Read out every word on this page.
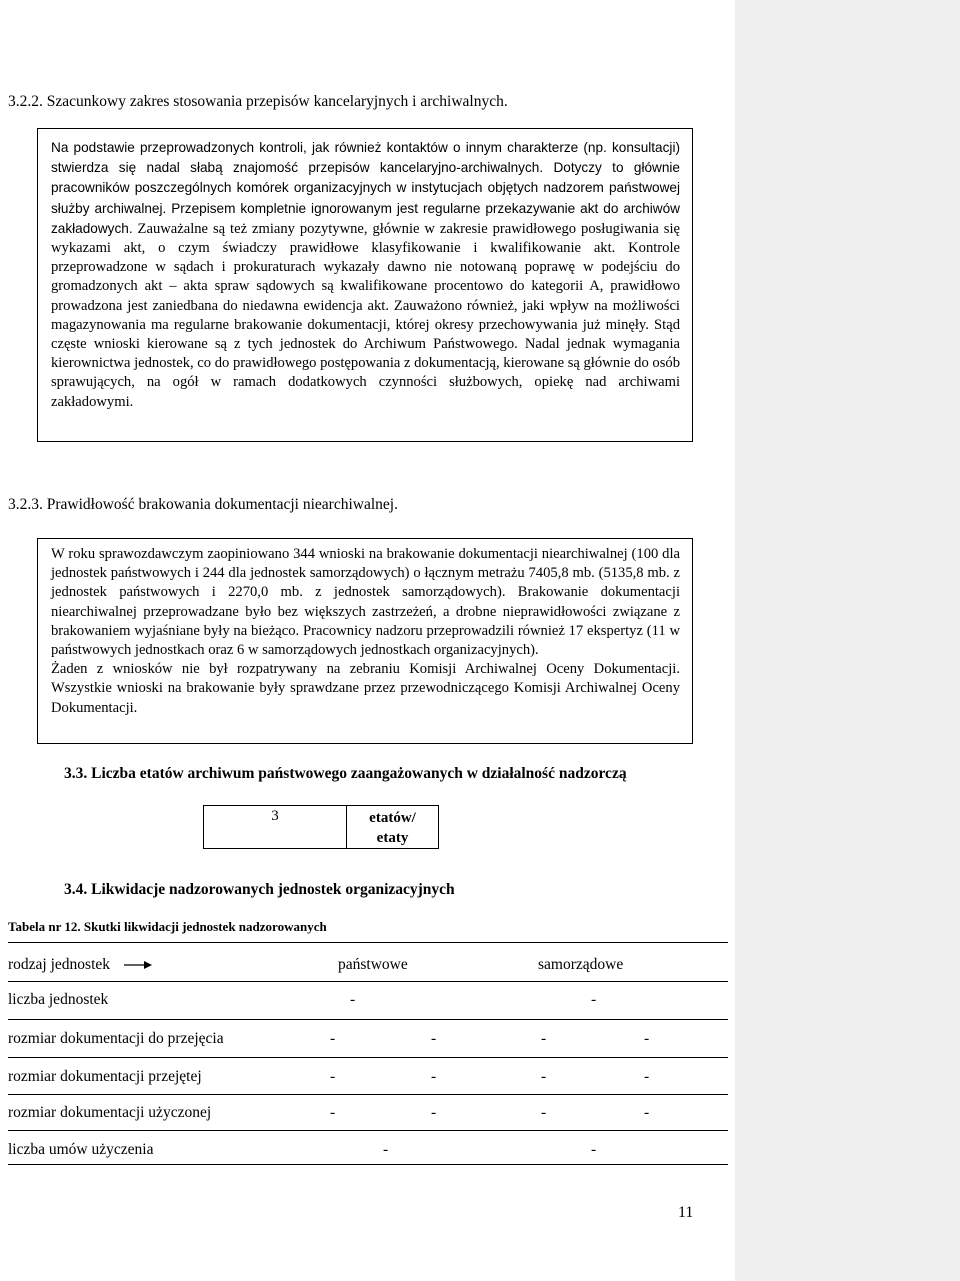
3.2.2. Szacunkowy zakres stosowania przepisów kancelaryjnych i archiwalnych.

Na podstawie przeprowadzonych kontroli, jak również kontaktów o innym charakterze (np. konsultacji) stwierdza się nadal słabą znajomość przepisów kancelaryjno-archiwalnych. Dotyczy to głównie pracowników poszczególnych komórek organizacyjnych w instytucjach objętych nadzorem państwowej służby archiwalnej. Przepisem kompletnie ignorowanym jest regularne przekazywanie akt do archiwów zakładowych. Zauważalne są też zmiany pozytywne, głównie w zakresie prawidłowego posługiwania się wykazami akt, o czym świadczy prawidłowe klasyfikowanie i kwalifikowanie akt. Kontrole przeprowadzone w sądach i prokuraturach wykazały dawno nie notowaną poprawę w podejściu do gromadzonych akt – akta spraw sądowych są kwalifikowane procentowo do kategorii A, prawidłowo prowadzona jest zaniedbana do niedawna ewidencja akt. Zauważono również, jaki wpływ na możliwości magazynowania ma regularne brakowanie dokumentacji, której okresy przechowywania już minęły. Stąd częste wnioski kierowane są z tych jednostek do Archiwum Państwowego. Nadal jednak wymagania kierownictwa jednostek, co do prawidłowego postępowania z dokumentacją, kierowane są głównie do osób sprawujących, na ogół w ramach dodatkowych czynności służbowych, opiekę nad archiwami zakładowymi.

3.2.3. Prawidłowość brakowania dokumentacji niearchiwalnej.

W roku sprawozdawczym zaopiniowano 344 wnioski na brakowanie dokumentacji niearchiwalnej (100 dla jednostek państwowych i 244 dla jednostek samorządowych) o łącznym metrażu 7405,8 mb. (5135,8 mb. z jednostek państwowych i 2270,0 mb. z jednostek samorządowych). Brakowanie dokumentacji niearchiwalnej przeprowadzane było bez większych zastrzeżeń, a drobne nieprawidłowości związane z brakowaniem wyjaśniane były na bieżąco. Pracownicy nadzoru przeprowadzili również 17 ekspertyz (11 w państwowych jednostkach oraz 6 w samorządowych jednostkach organizacyjnych).

Żaden z wniosków nie był rozpatrywany na zebraniu Komisji Archiwalnej Oceny Dokumentacji. Wszystkie wnioski na brakowanie były sprawdzane przez przewodniczącego Komisji Archiwalnej Oceny Dokumentacji.

3.3. Liczba etatów archiwum państwowego zaangażowanych w działalność nadzorczą
3	etatów/
etaty
3.4. Likwidacje nadzorowanych jednostek organizacyjnych
Tabela nr 12. Skutki likwidacji jednostek nadzorowanych
rodzaj jednostek	państwowe	samorządowe
liczba jednostek	-	-
rozmiar dokumentacji do przejęcia	-	-	-	-
rozmiar dokumentacji przejętej	-	-	-	-
rozmiar dokumentacji użyczonej	-	-	-	-
liczba umów użyczenia	-	-
11
